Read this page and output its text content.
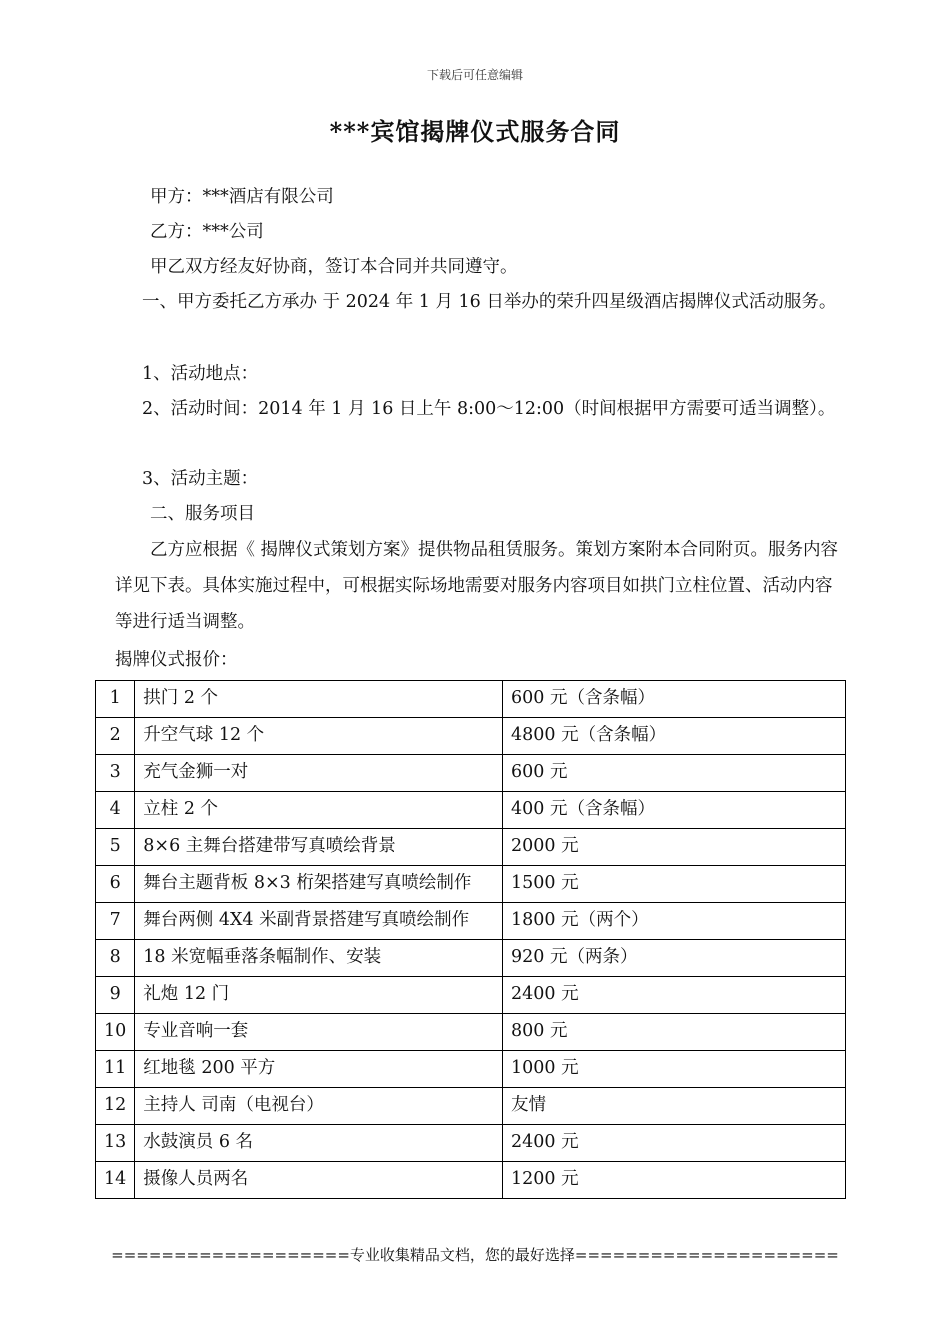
下载后可任意编辑
***宾馆揭牌仪式服务合同
甲方：***酒店有限公司
乙方：***公司
甲乙双方经友好协商，签订本合同并共同遵守。
一、甲方委托乙方承办 于 2024 年 1 月 16 日举办的荣升四星级酒店揭牌仪式活动服务。
1、活动地点：
2、活动时间：2014 年 1 月 16 日上午 8:00～12:00（时间根据甲方需要可适当调整）。
3、活动主题：
二、服务项目
乙方应根据《 揭牌仪式策划方案》提供物品租赁服务。策划方案附本合同附页。服务内容详见下表。具体实施过程中，可根据实际场地需要对服务内容项目如拱门立柱位置、活动内容等进行适当调整。
揭牌仪式报价：
1	拱门 2 个	600 元（含条幅）
2	升空气球 12 个	4800 元（含条幅）
3	充气金狮一对	600 元
4	立柱 2 个	400 元（含条幅）
5	8×6 主舞台搭建带写真喷绘背景	2000 元
6	舞台主题背板 8×3 桁架搭建写真喷绘制作	1500 元
7	舞台两侧 4X4 米副背景搭建写真喷绘制作	1800 元（两个）
8	18 米宽幅垂落条幅制作、安装	920 元（两条）
9	礼炮 12 门	2400 元
10	专业音响一套	800 元
11	红地毯 200 平方	1000 元
12	主持人 司南（电视台）	友情
13	水鼓演员 6 名	2400 元
14	摄像人员两名	1200 元
===================专业收集精品文档，您的最好选择=====================
